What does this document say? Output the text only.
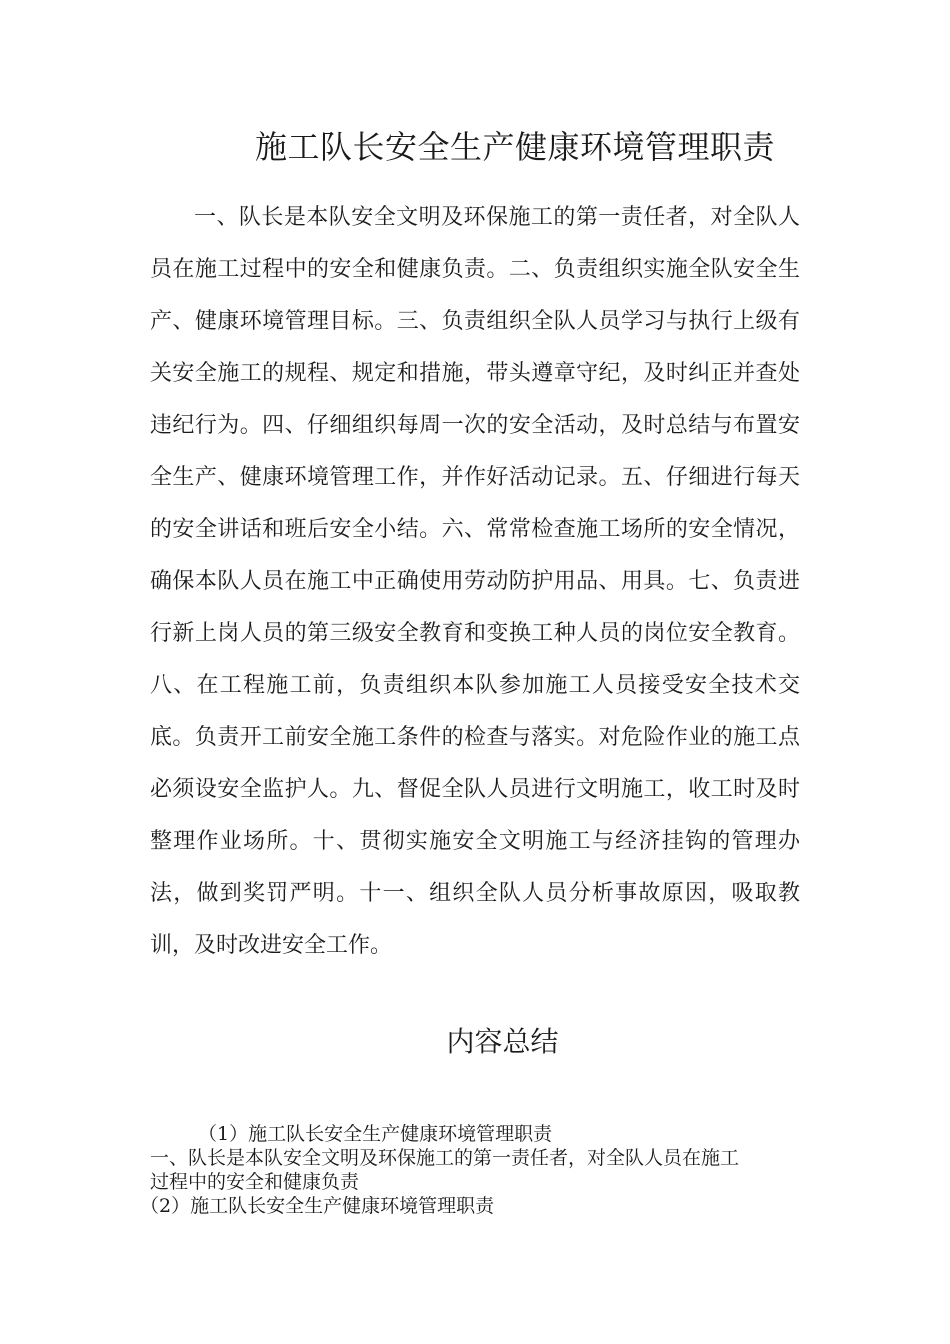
施工队长安全生产健康环境管理职责
一、队长是本队安全文明及环保施工的第一责任者，对全队人
员在施工过程中的安全和健康负责。二、负责组织实施全队安全生
产、健康环境管理目标。三、负责组织全队人员学习与执行上级有
关安全施工的规程、规定和措施，带头遵章守纪，及时纠正并查处
违纪行为。四、仔细组织每周一次的安全活动，及时总结与布置安
全生产、健康环境管理工作，并作好活动记录。五、仔细进行每天
的安全讲话和班后安全小结。六、常常检查施工场所的安全情况，
确保本队人员在施工中正确使用劳动防护用品、用具。七、负责进
行新上岗人员的第三级安全教育和变换工种人员的岗位安全教育。
八、在工程施工前，负责组织本队参加施工人员接受安全技术交
底。负责开工前安全施工条件的检查与落实。对危险作业的施工点
必须设安全监护人。九、督促全队人员进行文明施工，收工时及时
整理作业场所。十、贯彻实施安全文明施工与经济挂钩的管理办
法，做到奖罚严明。十一、组织全队人员分析事故原因，吸取教
训，及时改进安全工作。
内容总结
（1）施工队长安全生产健康环境管理职责
一、队长是本队安全文明及环保施工的第一责任者，对全队人员在施工
过程中的安全和健康负责
（2）施工队长安全生产健康环境管理职责
